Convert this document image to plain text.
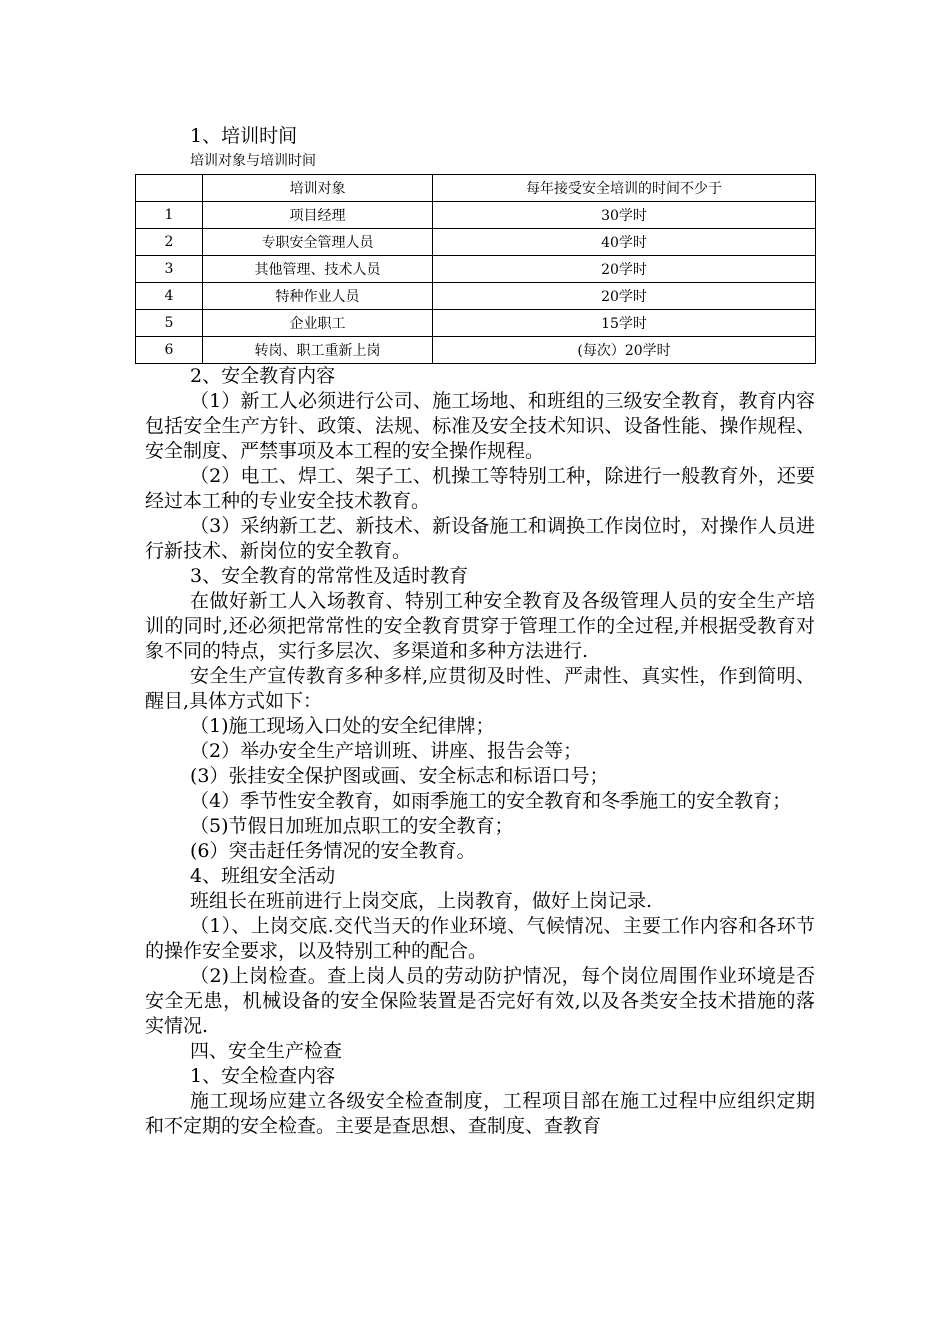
1、培训时间
培训对象与培训时间
	培训对象	每年接受安全培训的时间不少于
1	项目经理	30学时
2	专职安全管理人员	40学时
3	其他管理、技术人员	20学时
4	特种作业人员	20学时
5	企业职工	15学时
6	转岗、职工重新上岗	(每次）20学时

2、安全教育内容

（1）新工人必须进行公司、施工场地、和班组的三级安全教育，教育内容包括安全生产方针、政策、法规、标准及安全技术知识、设备性能、操作规程、安全制度、严禁事项及本工程的安全操作规程。

（2）电工、焊工、架子工、机操工等特别工种，除进行一般教育外，还要经过本工种的专业安全技术教育。

（3）采纳新工艺、新技术、新设备施工和调换工作岗位时，对操作人员进行新技术、新岗位的安全教育。

3、安全教育的常常性及适时教育

在做好新工人入场教育、特别工种安全教育及各级管理人员的安全生产培训的同时,还必须把常常性的安全教育贯穿于管理工作的全过程,并根据受教育对象不同的特点，实行多层次、多渠道和多种方法进行.

安全生产宣传教育多种多样,应贯彻及时性、严肃性、真实性，作到简明、醒目,具体方式如下：

（1)施工现场入口处的安全纪律牌；

（2）举办安全生产培训班、讲座、报告会等；

(3）张挂安全保护图或画、安全标志和标语口号；

（4）季节性安全教育，如雨季施工的安全教育和冬季施工的安全教育；

（5)节假日加班加点职工的安全教育；

(6）突击赶任务情况的安全教育。

4、班组安全活动

班组长在班前进行上岗交底，上岗教育，做好上岗记录.

（1）、上岗交底.交代当天的作业环境、气候情况、主要工作内容和各环节的操作安全要求，以及特别工种的配合。

（2)上岗检查。查上岗人员的劳动防护情况，每个岗位周围作业环境是否安全无患，机械设备的安全保险装置是否完好有效,以及各类安全技术措施的落实情况.

四、安全生产检查

1、安全检查内容

施工现场应建立各级安全检查制度，工程项目部在施工过程中应组织定期和不定期的安全检查。主要是查思想、查制度、查教育
